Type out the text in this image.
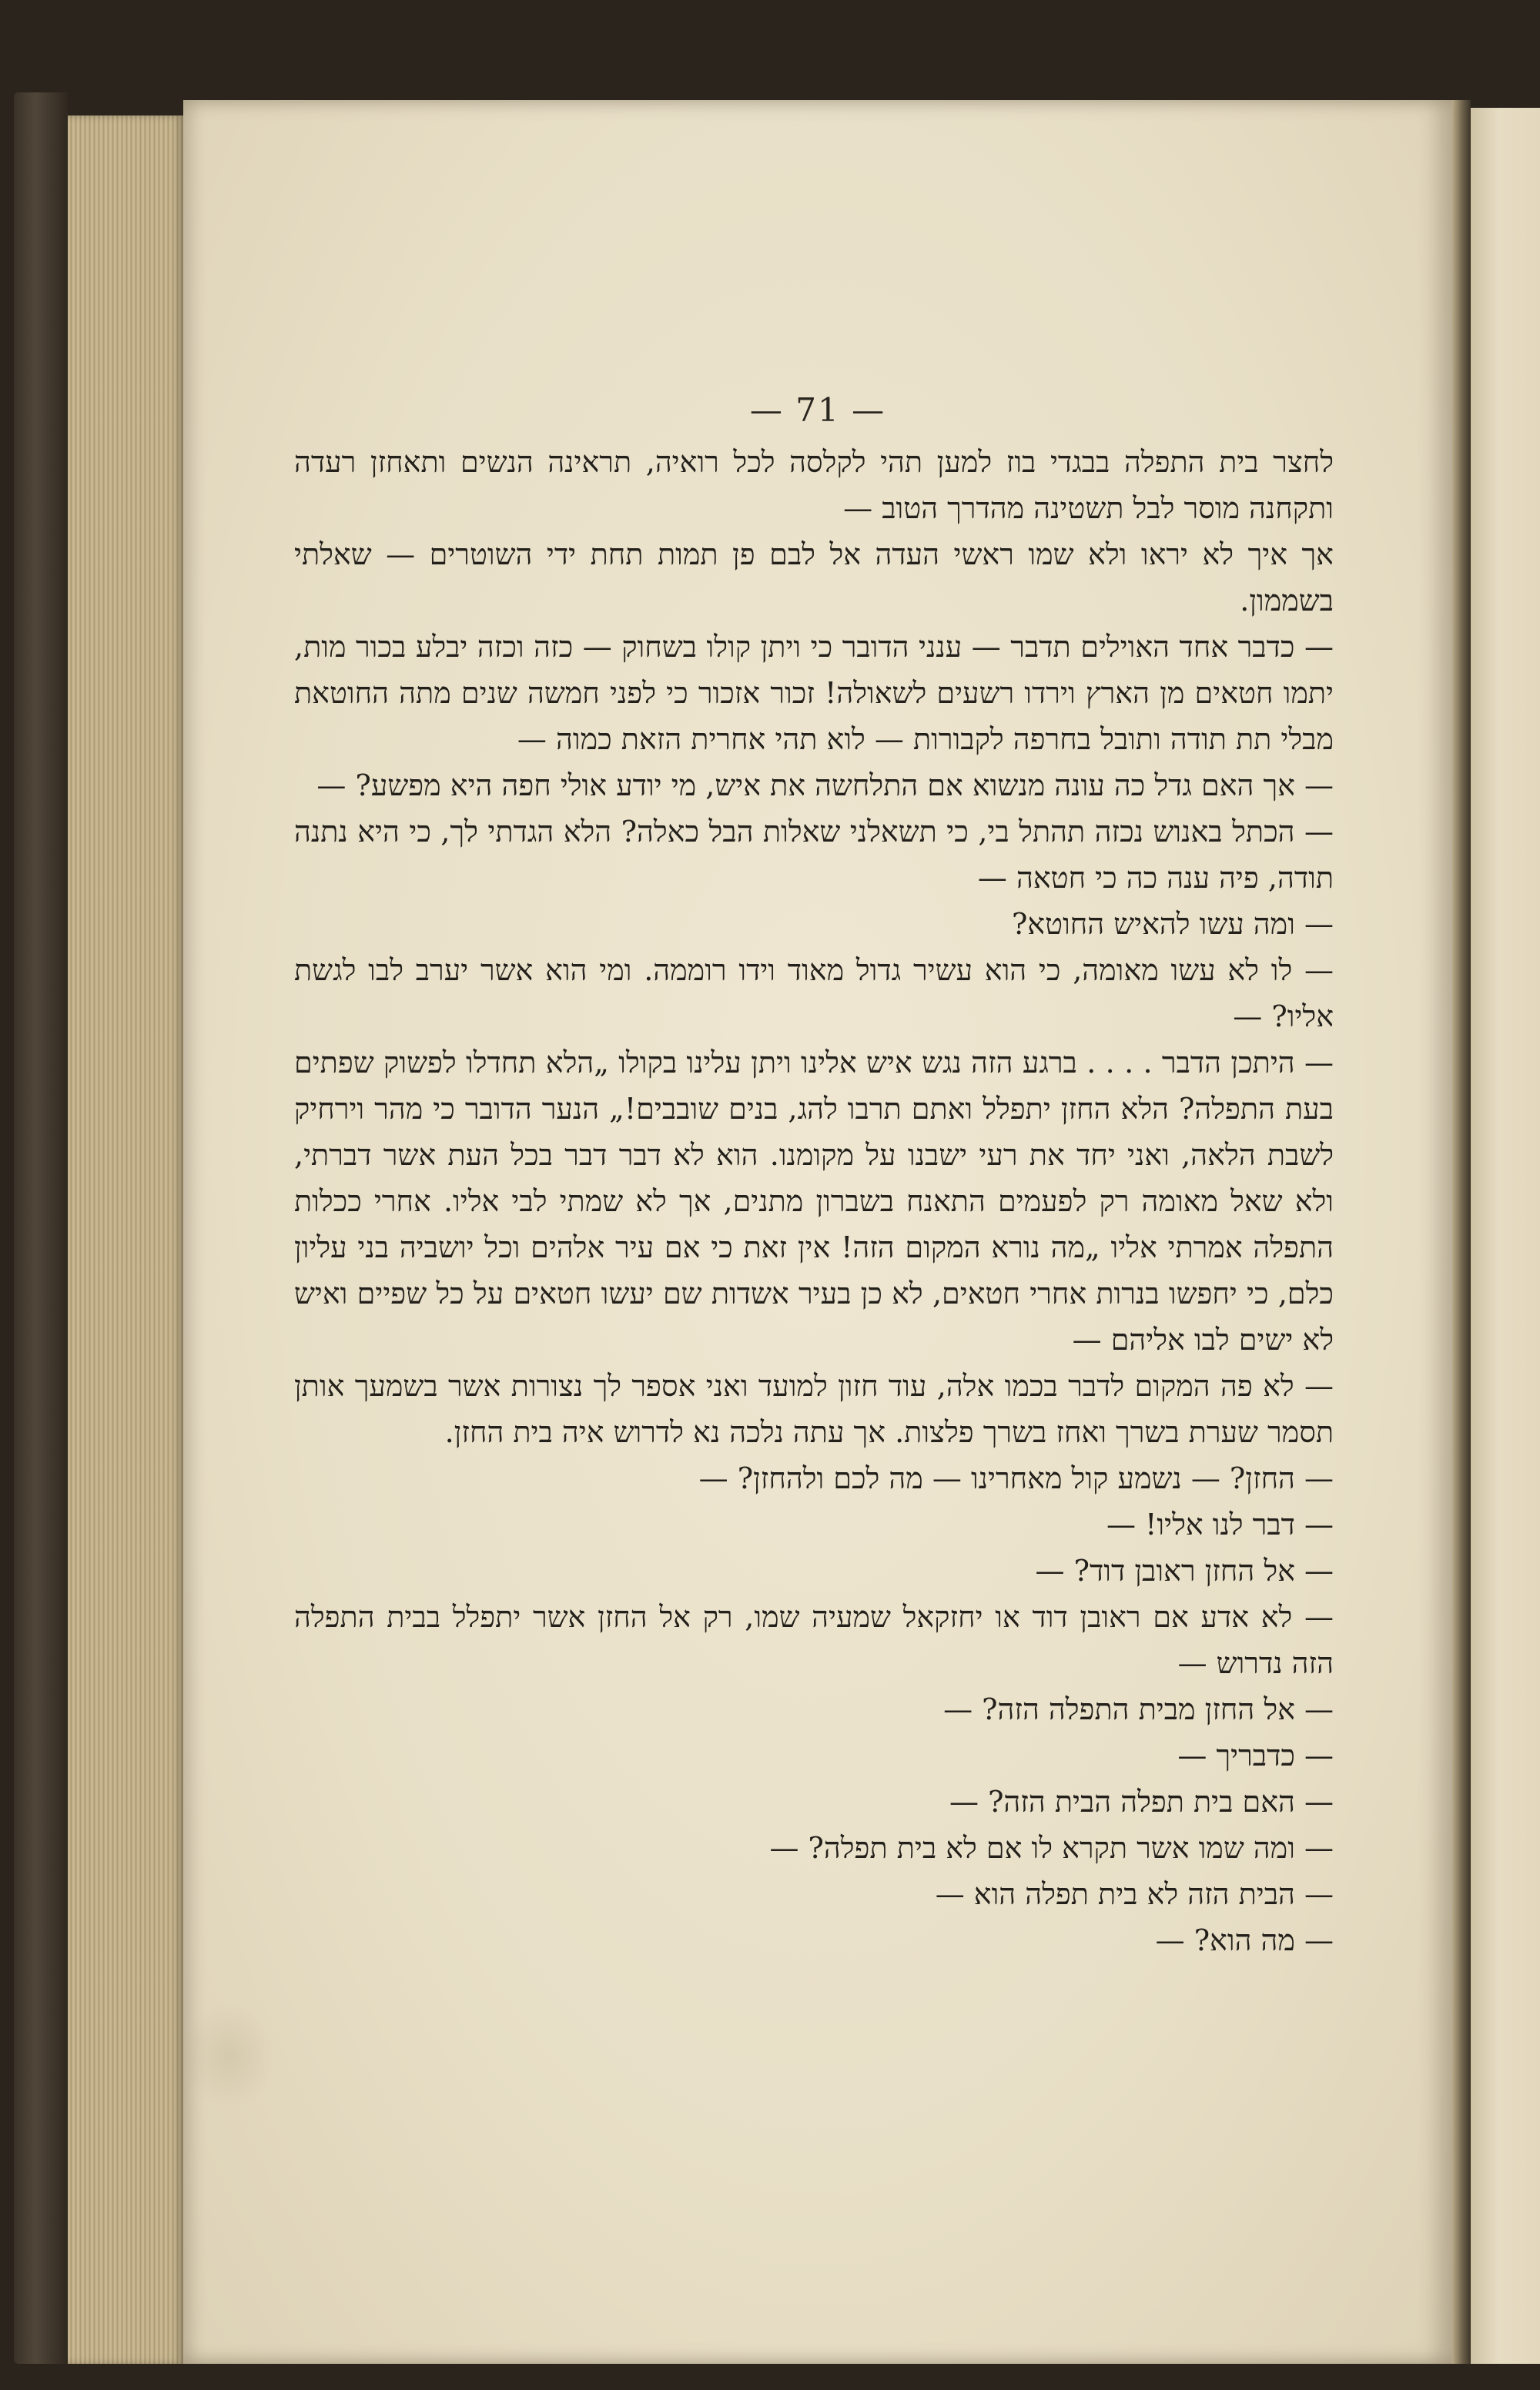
— 71 —

לחצר בית התפלה בבגדי בוז למען תהי לקלסה לכל רואיה, תראינה הנשים ותאחזן רעדה ותקחנה מוסר לבל תשטינה מהדרך הטוב —

אך איך לא יראו ולא שמו ראשי העדה אל לבם פן תמות תחת ידי השוטרים — שאלתי בשממון.

— כדבר אחד האוילים תדבר — ענני הדובר כי ויתן קולו בשחוק — כזה וכזה יבלע בכור מות, יתמו חטאים מן הארץ וירדו רשעים לשאולה! זכור אזכור כי לפני חמשה שנים מתה החוטאת מבלי תת תודה ותובל בחרפה לקבורות — לוא תהי אחרית הזאת כמוה —

— אך האם גדל כה עונה מנשוא אם התלחשה את איש, מי יודע אולי חפה היא מפשע? —

— הכתל באנוש נכזה תהתל בי, כי תשאלני שאלות הבל כאלה? הלא הגדתי לך, כי היא נתנה תודה, פיה ענה כה כי חטאה —

— ומה עשו להאיש החוטא?

— לו לא עשו מאומה, כי הוא עשיר גדול מאוד וידו רוממה. ומי הוא אשר יערב לבו לגשת אליו? —

— היתכן הדבר . . . . ברגע הזה נגש איש אלינו ויתן עלינו בקולו „הלא תחדלו לפשוק שפתים בעת התפלה? הלא החזן יתפלל ואתם תרבו להג, בנים שובבים!„ הנער הדובר כי מהר וירחיק לשבת הלאה, ואני יחד את רעי ישבנו על מקומנו. הוא לא דבר דבר בכל העת אשר דברתי, ולא שאל מאומה רק לפעמים התאנח בשברון מתנים, אך לא שמתי לבי אליו. אחרי ככלות התפלה אמרתי אליו „מה נורא המקום הזה! אין זאת כי אם עיר אלהים וכל יושביה בני עליון כלם, כי יחפשו בנרות אחרי חטאים, לא כן בעיר אשדות שם יעשו חטאים על כל שפיים ואיש לא ישים לבו אליהם —

— לא פה המקום לדבר בכמו אלה, עוד חזון למועד ואני אספר לך נצורות אשר בשמעך אותן תסמר שערת בשרך ואחז בשרך פלצות. אך עתה נלכה נא לדרוש איה בית החזן.

— החזן? — נשמע קול מאחרינו — מה לכם ולהחזן? —

— דבר לנו אליו! —

— אל החזן ראובן דוד? —

— לא אדע אם ראובן דוד או יחזקאל שמעיה שמו, רק אל החזן אשר יתפלל בבית התפלה הזה נדרוש —

— אל החזן מבית התפלה הזה? —

— כדבריך —

— האם בית תפלה הבית הזה? —

— ומה שמו אשר תקרא לו אם לא בית תפלה? —

— הבית הזה לא בית תפלה הוא —

— מה הוא? —
